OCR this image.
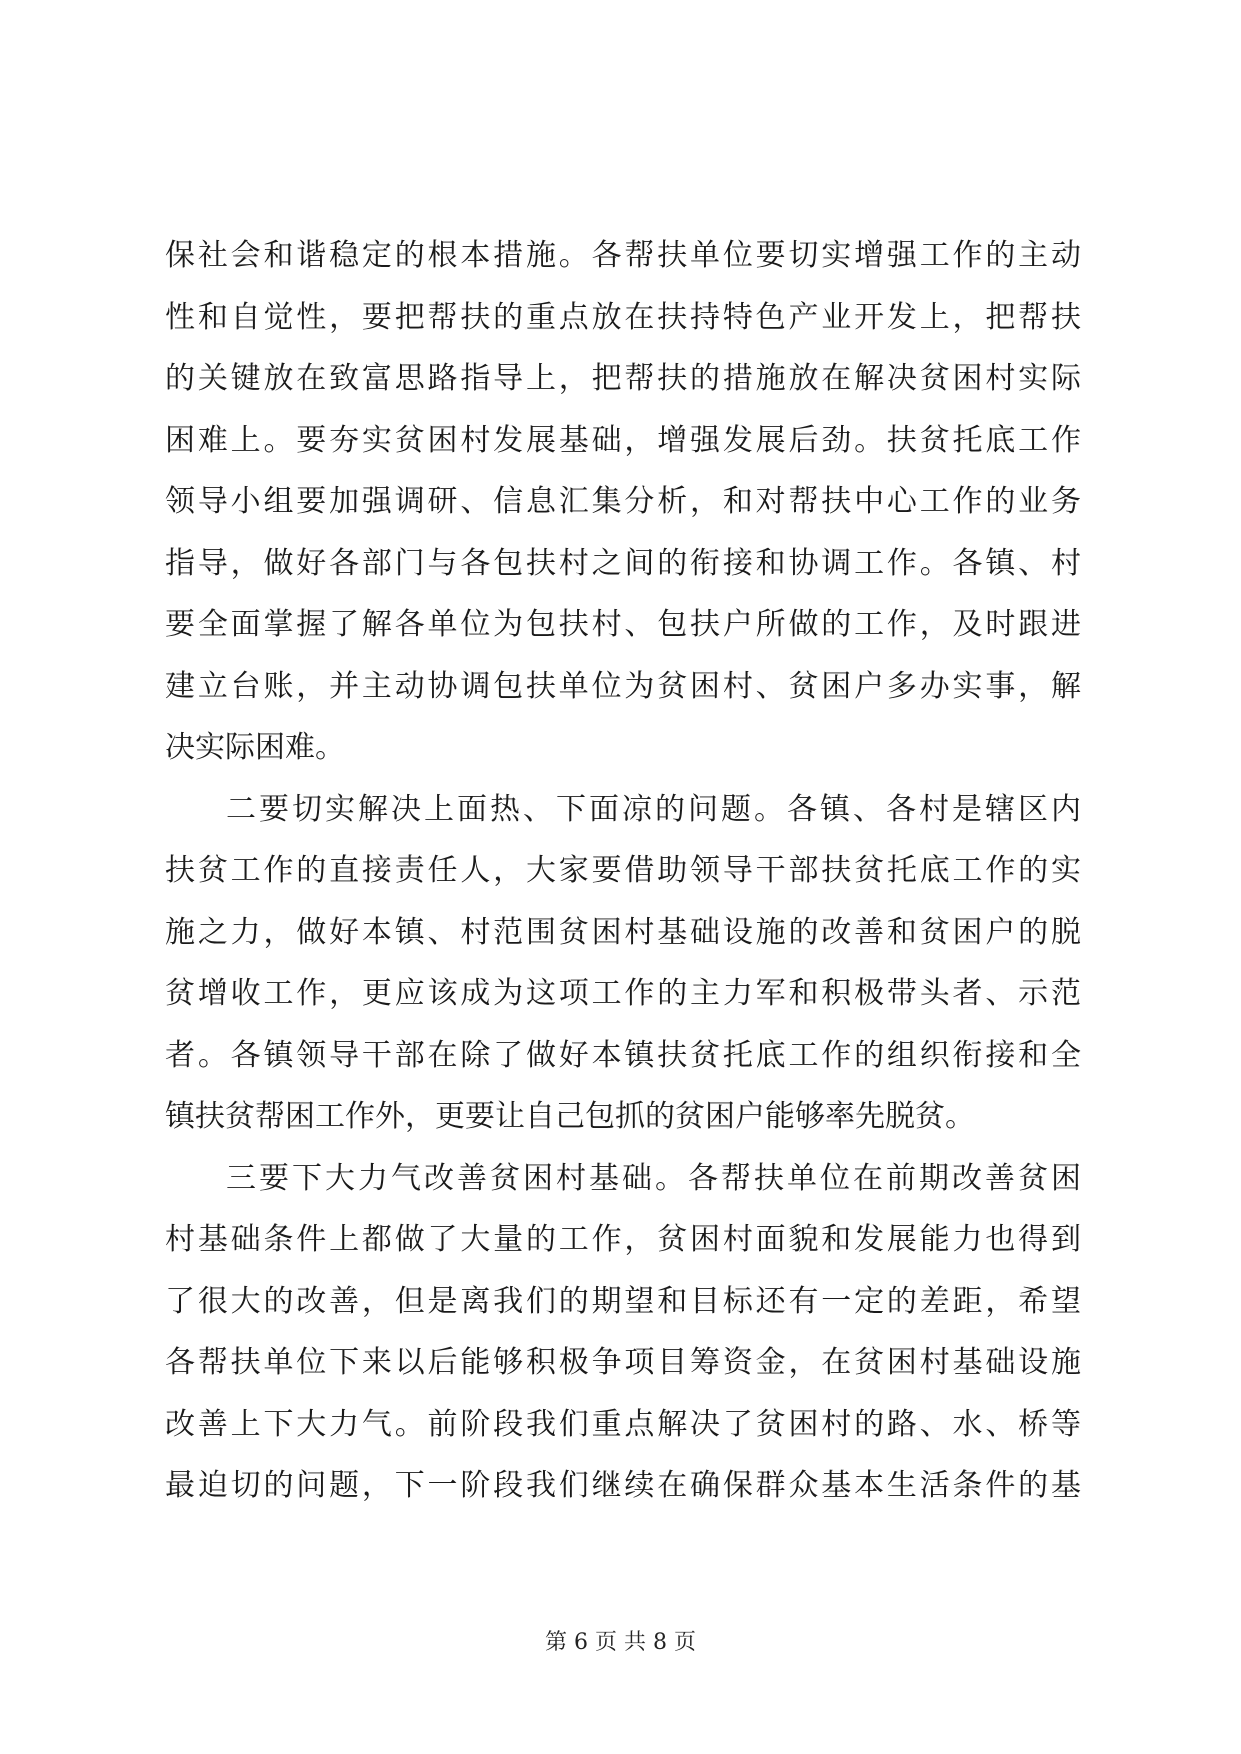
保社会和谐稳定的根本措施。各帮扶单位要切实增强工作的主动
性和自觉性，要把帮扶的重点放在扶持特色产业开发上，把帮扶
的关键放在致富思路指导上，把帮扶的措施放在解决贫困村实际
困难上。要夯实贫困村发展基础，增强发展后劲。扶贫托底工作
领导小组要加强调研、信息汇集分析，和对帮扶中心工作的业务
指导，做好各部门与各包扶村之间的衔接和协调工作。各镇、村
要全面掌握了解各单位为包扶村、包扶户所做的工作，及时跟进
建立台账，并主动协调包扶单位为贫困村、贫困户多办实事，解
决实际困难。
二要切实解决上面热、下面凉的问题。各镇、各村是辖区内
扶贫工作的直接责任人，大家要借助领导干部扶贫托底工作的实
施之力，做好本镇、村范围贫困村基础设施的改善和贫困户的脱
贫增收工作，更应该成为这项工作的主力军和积极带头者、示范
者。各镇领导干部在除了做好本镇扶贫托底工作的组织衔接和全
镇扶贫帮困工作外，更要让自己包抓的贫困户能够率先脱贫。
三要下大力气改善贫困村基础。各帮扶单位在前期改善贫困
村基础条件上都做了大量的工作，贫困村面貌和发展能力也得到
了很大的改善，但是离我们的期望和目标还有一定的差距，希望
各帮扶单位下来以后能够积极争项目筹资金，在贫困村基础设施
改善上下大力气。前阶段我们重点解决了贫困村的路、水、桥等
最迫切的问题，下一阶段我们继续在确保群众基本生活条件的基
第 6 页 共 8 页
